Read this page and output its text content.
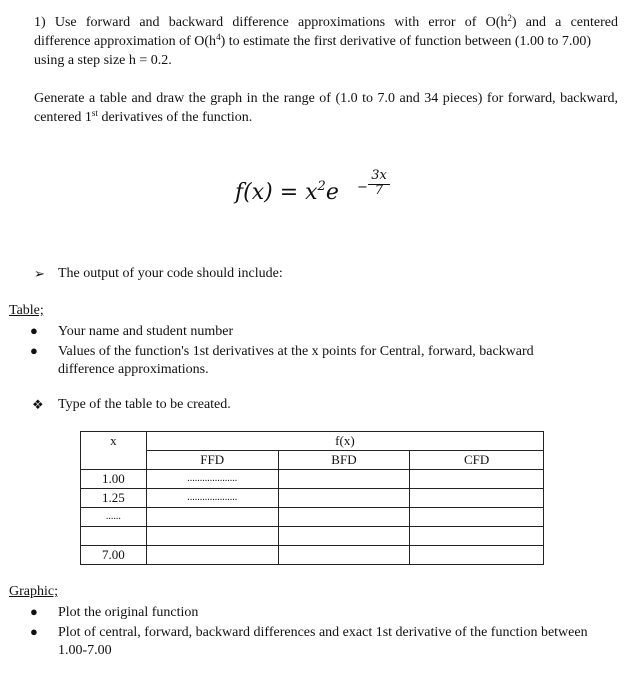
1) Use forward and backward difference approximations with error of $O(h^2)$ and a centered
difference approximation of $O(h^4)$ to estimate the first derivative of function between (1.00 to 7.00)
using a step size h = 0.2.
Generate a table and draw the graph in the range of (1.0 to 7.0 and 34 pieces) for forward, backward,
centered 1st derivatives of the function.
$f(x) = x^2e$ −
3x
7
➢ The output of your code should include:
Table;
● Your name and student number
● Values of the function's 1st derivatives at the x points for Central, forward, backward
difference approximations.
❖ Type of the table to be created.
x	f(x)		
	FFD	BFD	CFD
1.00	....................		
1.25	....................		
......			

7.00			
Graphic;
● Plot the original function
● Plot of central, forward, backward differences and exact 1st derivative of the function between
1.00-7.00
